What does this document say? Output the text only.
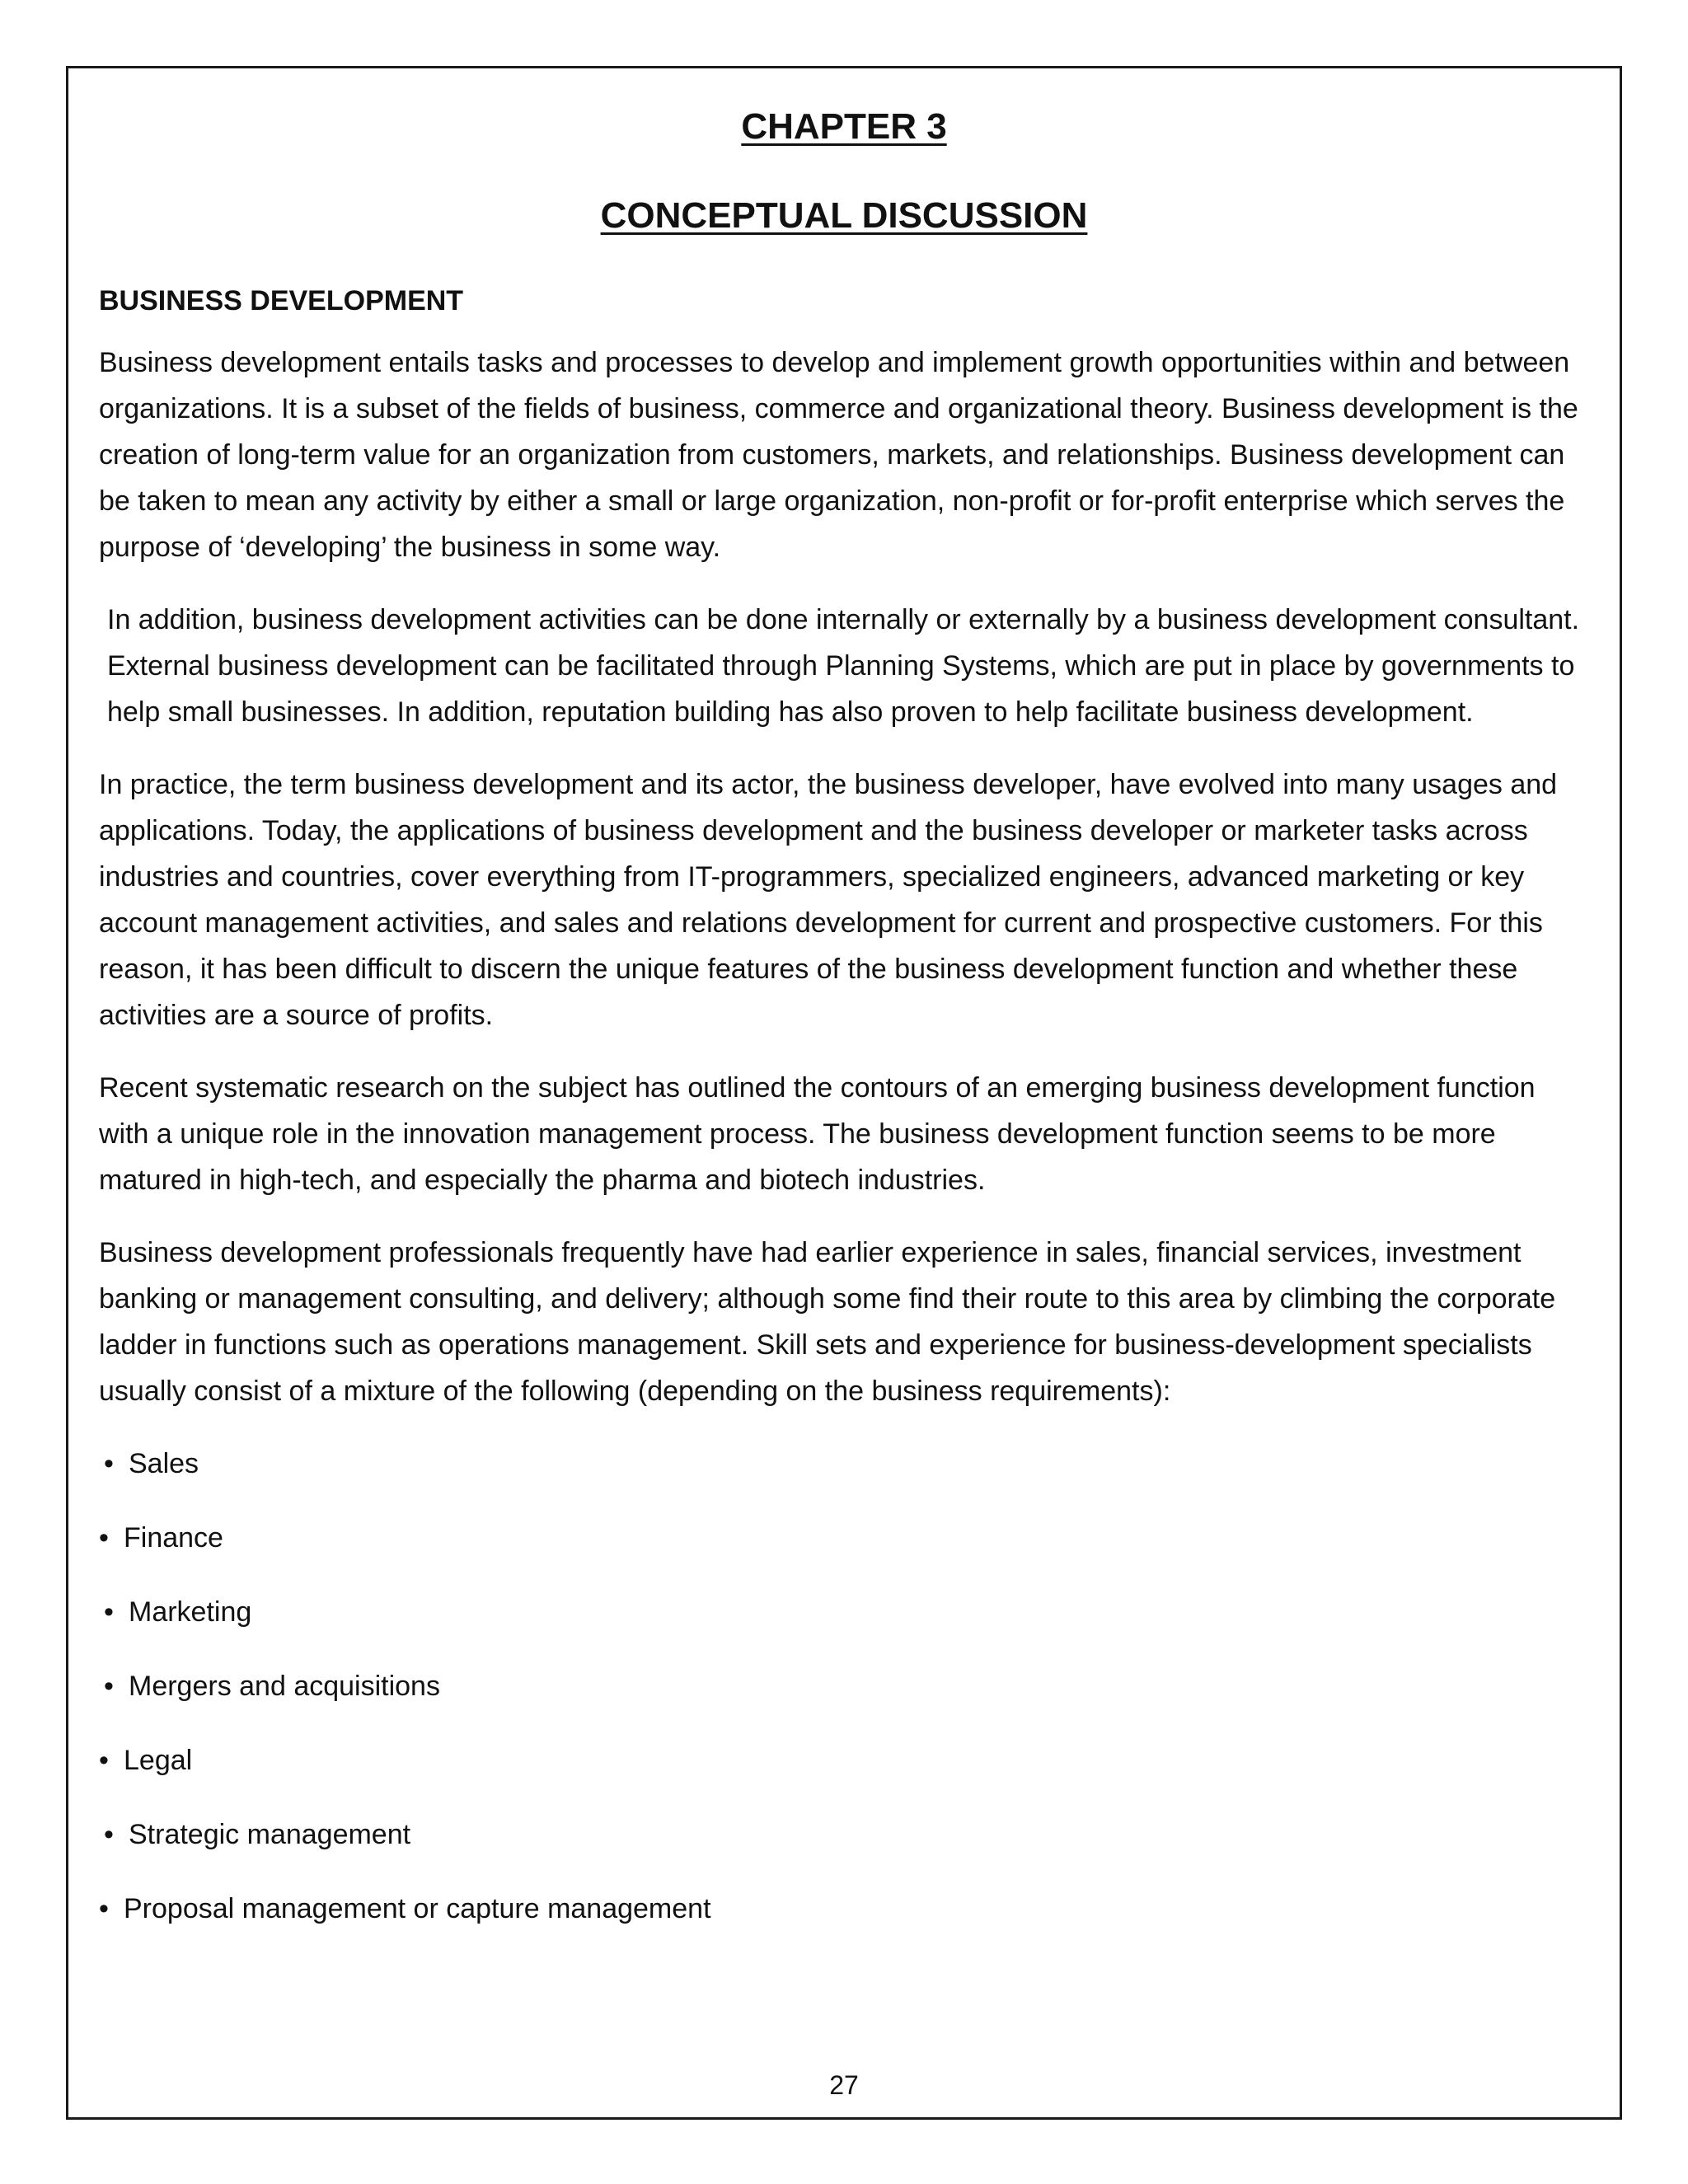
CHAPTER 3
CONCEPTUAL DISCUSSION
BUSINESS DEVELOPMENT

Business development entails tasks and processes to develop and implement growth opportunities within and between organizations. It is a subset of the fields of business, commerce and organizational theory. Business development is the creation of long-term value for an organization from customers, markets, and relationships. Business development can be taken to mean any activity by either a small or large organization, non-profit or for-profit enterprise which serves the purpose of ‘developing’ the business in some way.

In addition, business development activities can be done internally or externally by a business development consultant. External business development can be facilitated through Planning Systems, which are put in place by governments to help small businesses. In addition, reputation building has also proven to help facilitate business development.

In practice, the term business development and its actor, the business developer, have evolved into many usages and applications. Today, the applications of business development and the business developer or marketer tasks across industries and countries, cover everything from IT-programmers, specialized engineers, advanced marketing or key account management activities, and sales and relations development for current and prospective customers. For this reason, it has been difficult to discern the unique features of the business development function and whether these activities are a source of profits.

Recent systematic research on the subject has outlined the contours of an emerging business development function with a unique role in the innovation management process. The business development function seems to be more matured in high-tech, and especially the pharma and biotech industries.

Business development professionals frequently have had earlier experience in sales, financial services, investment banking or management consulting, and delivery; although some find their route to this area by climbing the corporate ladder in functions such as operations management. Skill sets and experience for business-development specialists usually consist of a mixture of the following (depending on the business requirements):

• Sales
• Finance
• Marketing
• Mergers and acquisitions
• Legal
• Strategic management
• Proposal management or capture management
27
